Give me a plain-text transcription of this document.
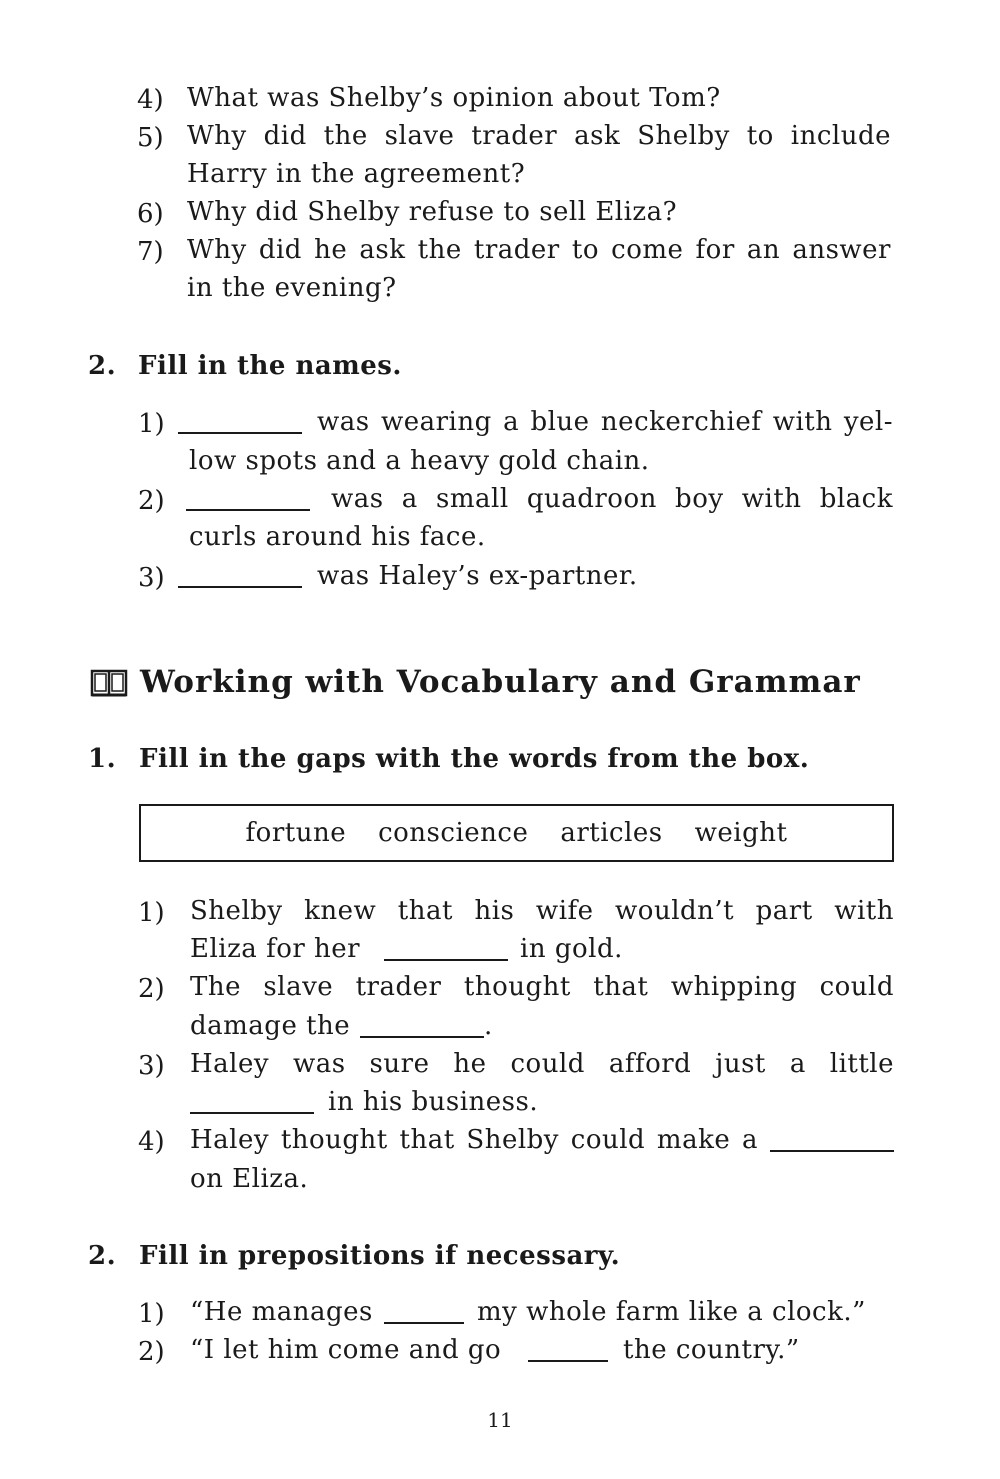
4) What was Shelby’s opinion about Tom?
5) Why did the slave trader ask Shelby to include
Harry in the agreement?
6) Why did Shelby refuse to sell Eliza?
7) Why did he ask the trader to come for an answer
in the evening?
2. Fill in the names.
1)	was wearing a blue neckerchief with yel-
low spots and a heavy gold chain.
2)	was a small quadroon boy with black
curls around his face.
3)	was Haley’s ex-partner.
Working with Vocabulary and Grammar
1. Fill in the gaps with the words from the box.
fortune conscience articles weight
1) Shelby knew that his wife wouldn’t part with
Eliza for her	in gold.
2) The slave trader thought that whipping could
damage the	.
3) Haley was sure he could afford just a little
in his business.
4) Haley thought that Shelby could make a
on Eliza.
2. Fill in prepositions if necessary.
1) “He manages	my whole farm like a clock.”
2) “I let him come and go	the country.”
11
